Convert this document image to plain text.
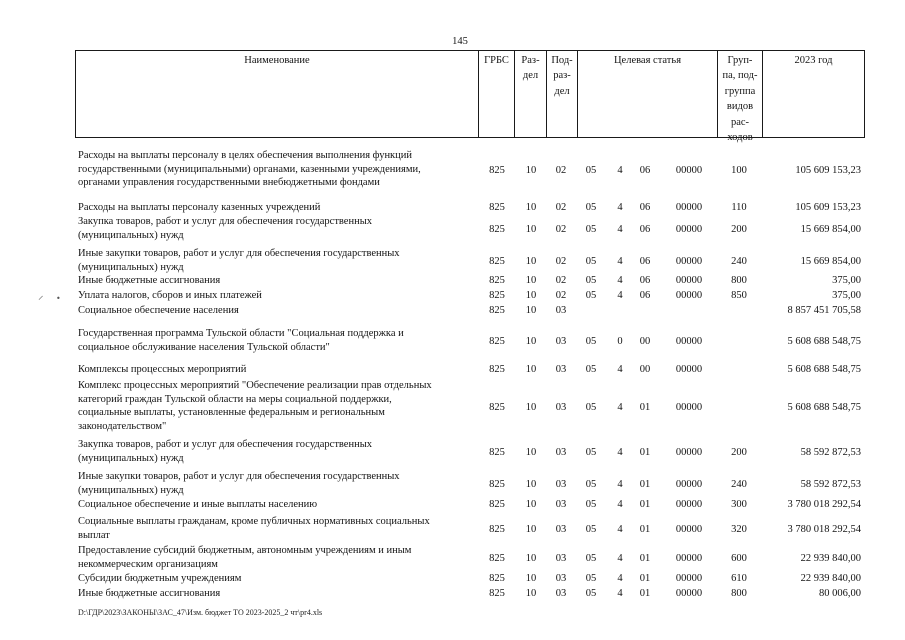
145
Наименование	ГРБС	Раз-
дел
Под-
раз-
дел
Целевая статья	Груп-
па, под-
группа
видов
рас-
ходов
2023 год
Расходы на выплаты персоналу в целях обеспечения выполнения функций
государственными (муниципальными) органами, казенными учреждениями,
органами управления государственными внебюджетными фондами
825	10	02	05	4	06	00000	100	105 609 153,23
Расходы на выплаты персоналу казенных учреждений	825	10	02	05	4	06	00000	110	105 609 153,23
Закупка товаров, работ и услуг для обеспечения государственных
(муниципальных) нужд
825	10	02	05	4	06	00000	200	15 669 854,00
Иные закупки товаров, работ и услуг для обеспечения государственных
(муниципальных) нужд
825	10	02	05	4	06	00000	240	15 669 854,00
Иные бюджетные ассигнования	825	10	02	05	4	06	00000	800	375,00
Уплата налогов, сборов и иных платежей	825	10	02	05	4	06	00000	850	375,00
Социальное обеспечение населения	825	10	03	8 857 451 705,58
Государственная программа Тульской области "Социальная поддержка и
социальное обслуживание населения Тульской области"
825	10	03	05	0	00	00000	5 608 688 548,75
Комплексы процессных мероприятий	825	10	03	05	4	00	00000	5 608 688 548,75
Комплекс процессных мероприятий "Обеспечение реализации прав отдельных
категорий граждан Тульской области на меры социальной поддержки,
социальные выплаты, установленные федеральным и региональным
законодательством"
825	10	03	05	4	01	00000	5 608 688 548,75
Закупка товаров, работ и услуг для обеспечения государственных
(муниципальных) нужд
825	10	03	05	4	01	00000	200	58 592 872,53
Иные закупки товаров, работ и услуг для обеспечения государственных
(муниципальных) нужд
825	10	03	05	4	01	00000	240	58 592 872,53
Социальное обеспечение и иные выплаты населению	825	10	03	05	4	01	00000	300	3 780 018 292,54
Социальные выплаты гражданам, кроме публичных нормативных социальных
выплат
825	10	03	05	4	01	00000	320	3 780 018 292,54
Предоставление субсидий бюджетным, автономным учреждениям и иным
некоммерческим организациям
825	10	03	05	4	01	00000	600	22 939 840,00
Субсидии бюджетным учреждениям	825	10	03	05	4	01	00000	610	22 939 840,00
Иные бюджетные ассигнования	825	10	03	05	4	01	00000	800	80 006,00
⸝ •
D:\ГДР\2023\ЗАКОНЫ\ЗАС_47\Изм. бюджет ТО 2023-2025_2 чт\pr4.xls
